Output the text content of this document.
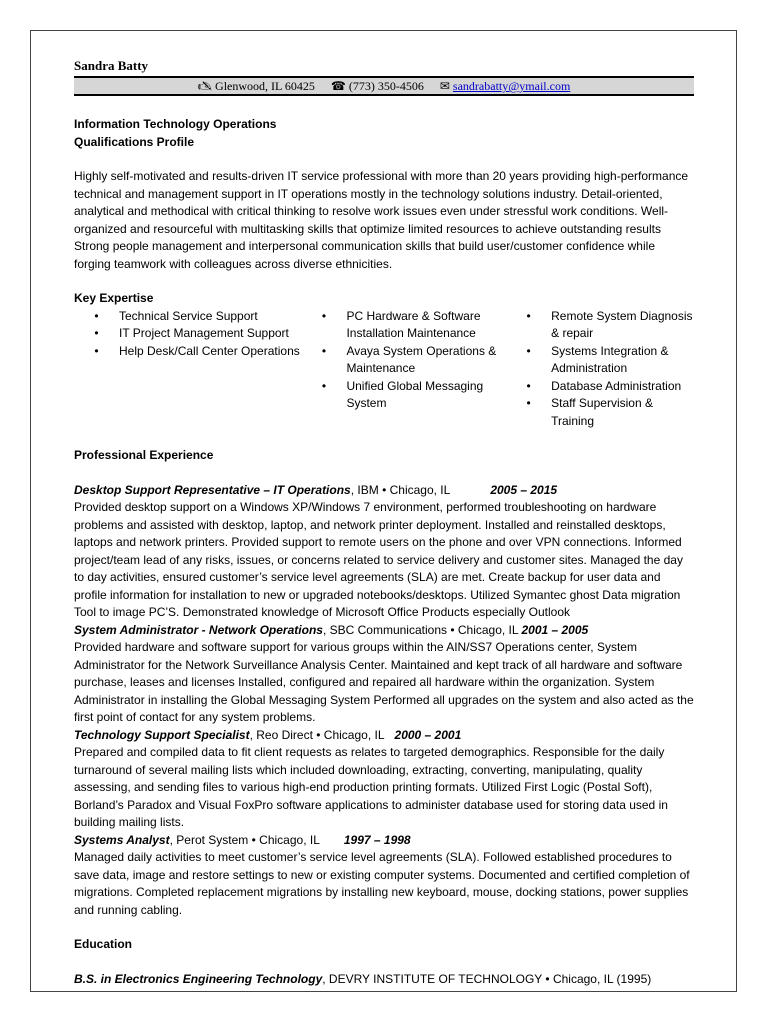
Sandra Batty
🖎 Glenwood, IL 60425 ☎ (773) 350-4506 ✉ sandrabatty@ymail.com
Information Technology Operations
Qualifications Profile

Highly self-motivated and results-driven IT service professional with more than 20 years providing high-performance technical and management support in IT operations mostly in the technology solutions industry. Detail-oriented, analytical and methodical with critical thinking to resolve work issues even under stressful work conditions. Well-organized and resourceful with multitasking skills that optimize limited resources to achieve outstanding results Strong people management and interpersonal communication skills that build user/customer confidence while forging teamwork with colleagues across diverse ethnicities.

Key Expertise
•	Technical Service Support
•	IT Project Management Support
•	Help Desk/Call Center Operations
•	PC Hardware & Software Installation Maintenance
•	Avaya System Operations & Maintenance
•	Unified Global Messaging System
•	Remote System Diagnosis & repair
•	Systems Integration & Administration
•	Database Administration
•	Staff Supervision & Training
Professional Experience
Desktop Support Representative – IT Operations, IBM • Chicago, IL	2005 – 2015

Provided desktop support on a Windows XP/Windows 7 environment, performed troubleshooting on hardware problems and assisted with desktop, laptop, and network printer deployment. Installed and reinstalled desktops, laptops and network printers. Provided support to remote users on the phone and over VPN connections. Informed project/team lead of any risks, issues, or concerns related to service delivery and customer sites. Managed the day to day activities, ensured customer’s service level agreements (SLA) are met. Create backup for user data and profile information for installation to new or upgraded notebooks/desktops. Utilized Symantec ghost Data migration Tool to image PC’S. Demonstrated knowledge of Microsoft Office Products especially Outlook

System Administrator - Network Operations, SBC Communications • Chicago, IL 2001 – 2005

Provided hardware and software support for various groups within the AIN/SS7 Operations center, System Administrator for the Network Surveillance Analysis Center. Maintained and kept track of all hardware and software purchase, leases and licenses Installed, configured and repaired all hardware within the organization. System Administrator in installing the Global Messaging System Performed all upgrades on the system and also acted as the first point of contact for any system problems.

Technology Support Specialist, Reo Direct • Chicago, IL 2000 – 2001

Prepared and compiled data to fit client requests as relates to targeted demographics. Responsible for the daily turnaround of several mailing lists which included downloading, extracting, converting, manipulating, quality assessing, and sending files to various high-end production printing formats. Utilized First Logic (Postal Soft), Borland’s Paradox and Visual FoxPro software applications to administer database used for storing data used in building mailing lists.

Systems Analyst, Perot System • Chicago, IL 1997 – 1998

Managed daily activities to meet customer’s service level agreements (SLA). Followed established procedures to save data, image and restore settings to new or existing computer systems. Documented and certified completion of migrations. Completed replacement migrations by installing new keyboard, mouse, docking stations, power supplies and running cabling.

Education
B.S. in Electronics Engineering Technology, DEVRY INSTITUTE OF TECHNOLOGY • Chicago, IL (1995)
